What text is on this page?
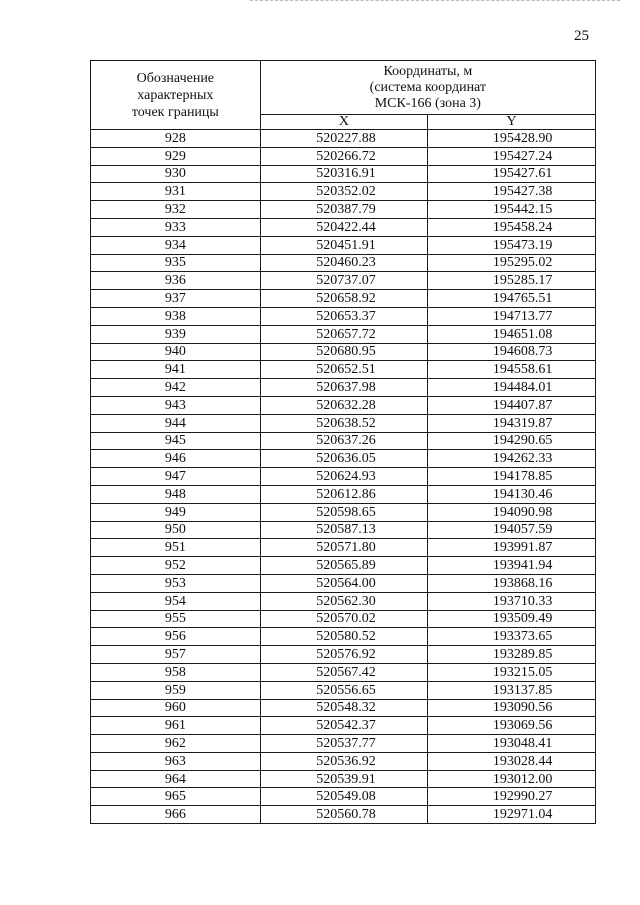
25
Обозначение
характерных
точек границы	Координаты, м
(система координат
МСК-166 (зона 3)	
	X	Y
928	520227.88	195428.90
929	520266.72	195427.24
930	520316.91	195427.61
931	520352.02	195427.38
932	520387.79	195442.15
933	520422.44	195458.24
934	520451.91	195473.19
935	520460.23	195295.02
936	520737.07	195285.17
937	520658.92	194765.51
938	520653.37	194713.77
939	520657.72	194651.08
940	520680.95	194608.73
941	520652.51	194558.61
942	520637.98	194484.01
943	520632.28	194407.87
944	520638.52	194319.87
945	520637.26	194290.65
946	520636.05	194262.33
947	520624.93	194178.85
948	520612.86	194130.46
949	520598.65	194090.98
950	520587.13	194057.59
951	520571.80	193991.87
952	520565.89	193941.94
953	520564.00	193868.16
954	520562.30	193710.33
955	520570.02	193509.49
956	520580.52	193373.65
957	520576.92	193289.85
958	520567.42	193215.05
959	520556.65	193137.85
960	520548.32	193090.56
961	520542.37	193069.56
962	520537.77	193048.41
963	520536.92	193028.44
964	520539.91	193012.00
965	520549.08	192990.27
966	520560.78	192971.04
